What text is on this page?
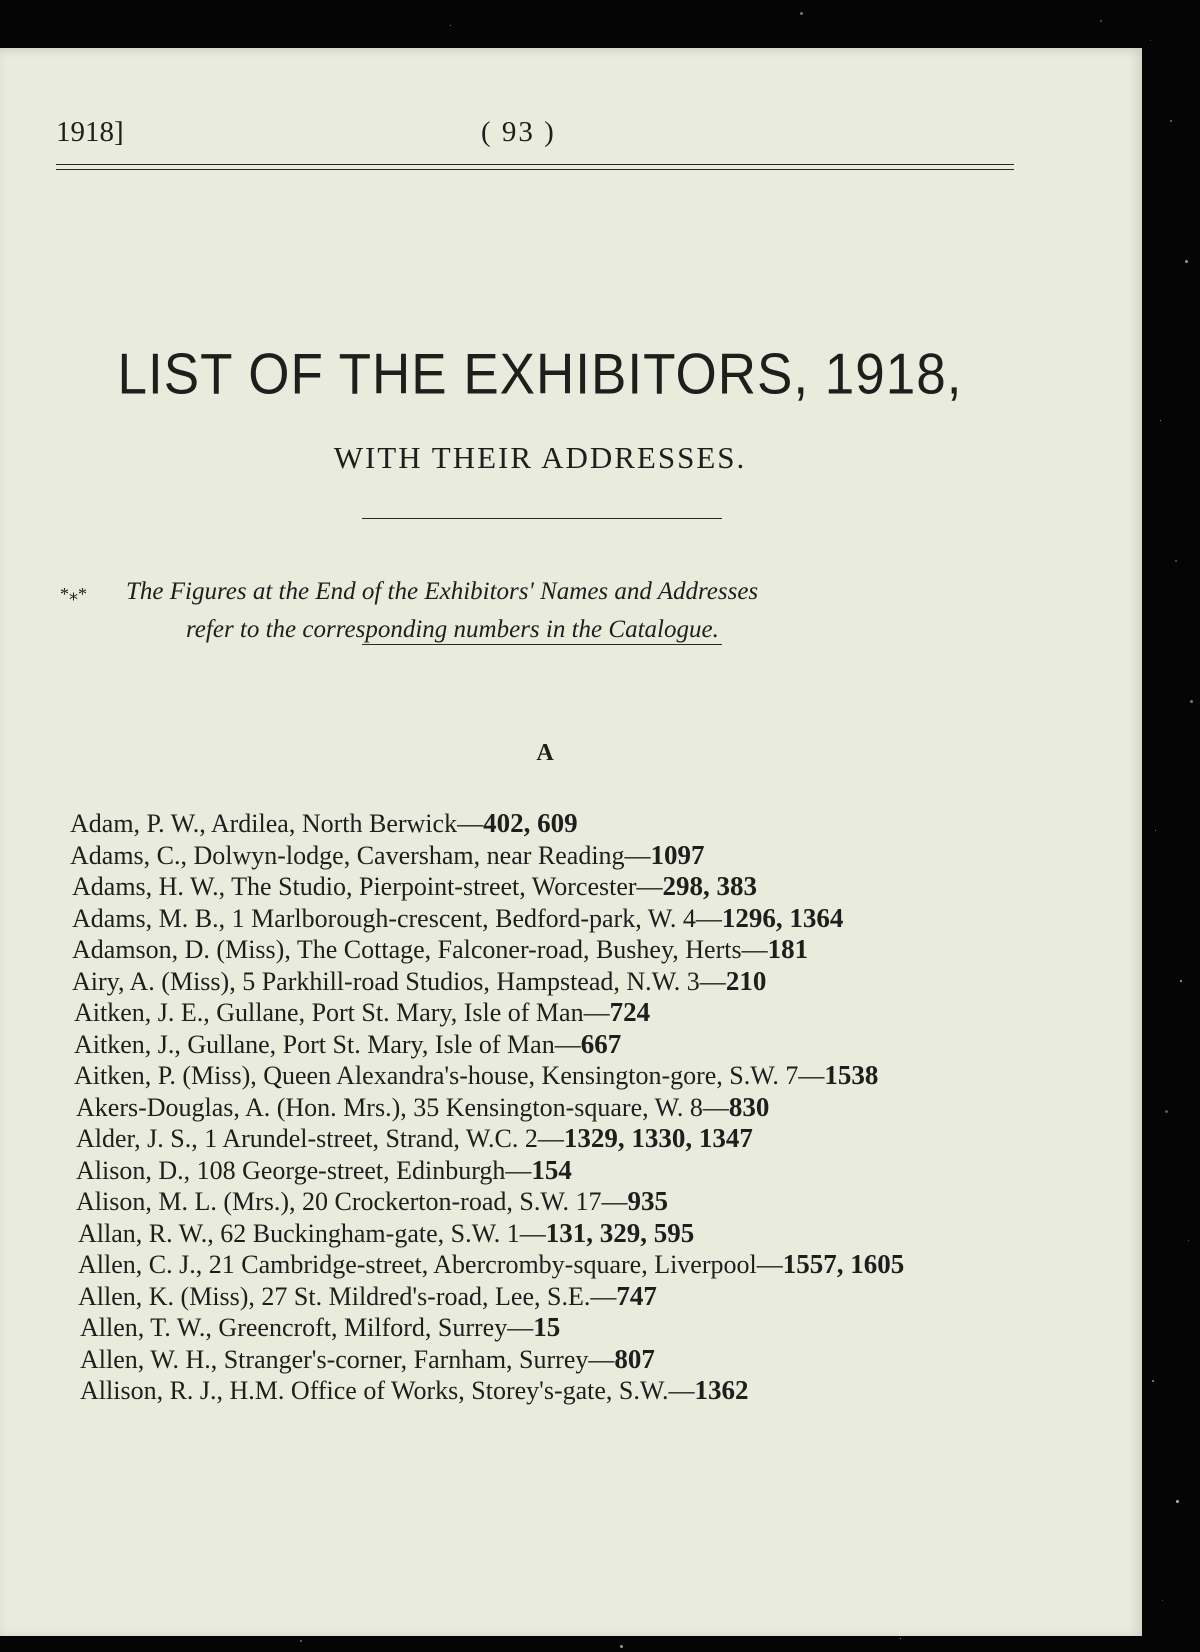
1918]	( 93 )
LIST OF THE EXHIBITORS, 1918,
WITH THEIR ADDRESSES.
*⁎* The Figures at the End of the Exhibitors' Names and Addresses
refer to the corresponding numbers in the Catalogue.
A
Adam, P. W., Ardilea, North Berwick—402, 609
Adams, C., Dolwyn-lodge, Caversham, near Reading—1097
Adams, H. W., The Studio, Pierpoint-street, Worcester—298, 383
Adams, M. B., 1 Marlborough-crescent, Bedford-park, W. 4—1296, 1364
Adamson, D. (Miss), The Cottage, Falconer-road, Bushey, Herts—181
Airy, A. (Miss), 5 Parkhill-road Studios, Hampstead, N.W. 3—210
Aitken, J. E., Gullane, Port St. Mary, Isle of Man—724
Aitken, J., Gullane, Port St. Mary, Isle of Man—667
Aitken, P. (Miss), Queen Alexandra's-house, Kensington-gore, S.W. 7—1538
Akers-Douglas, A. (Hon. Mrs.), 35 Kensington-square, W. 8—830
Alder, J. S., 1 Arundel-street, Strand, W.C. 2—1329, 1330, 1347
Alison, D., 108 George-street, Edinburgh—154
Alison, M. L. (Mrs.), 20 Crockerton-road, S.W. 17—935
Allan, R. W., 62 Buckingham-gate, S.W. 1—131, 329, 595
Allen, C. J., 21 Cambridge-street, Abercromby-square, Liverpool—1557, 1605
Allen, K. (Miss), 27 St. Mildred's-road, Lee, S.E.—747
Allen, T. W., Greencroft, Milford, Surrey—15
Allen, W. H., Stranger's-corner, Farnham, Surrey—807
Allison, R. J., H.M. Office of Works, Storey's-gate, S.W.—1362
